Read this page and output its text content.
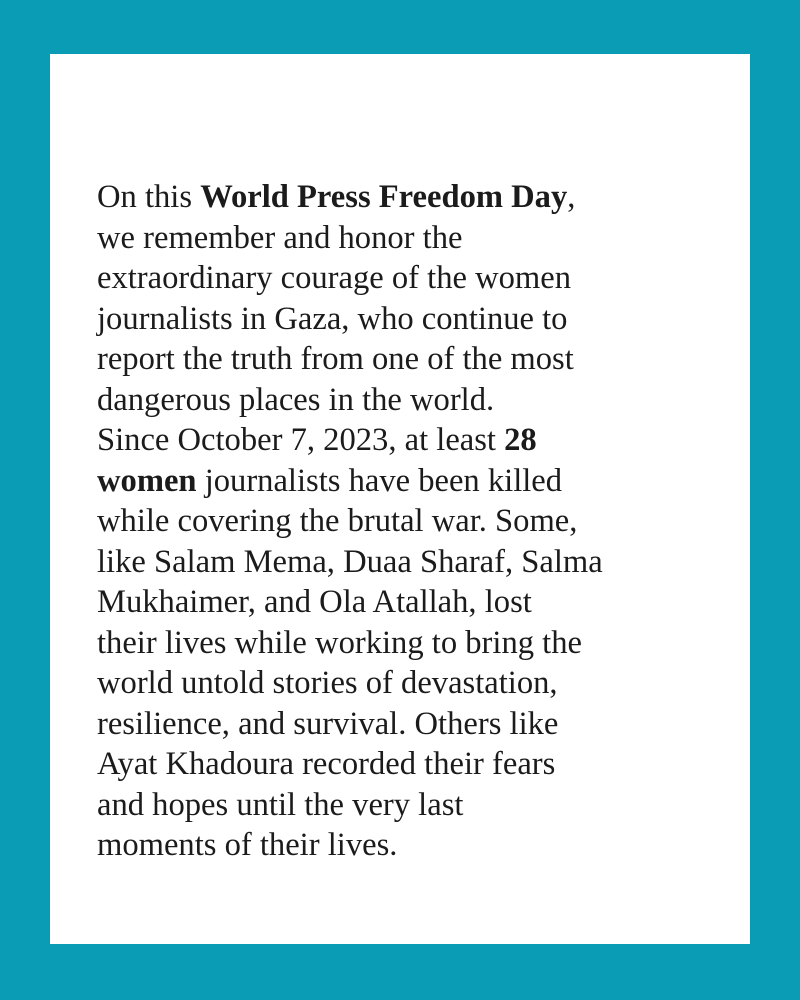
On this World Press Freedom Day,
we remember and honor the
extraordinary courage of the women
journalists in Gaza, who continue to
report the truth from one of the most
dangerous places in the world.
Since October 7, 2023, at least 28
women journalists have been killed
while covering the brutal war. Some,
like Salam Mema, Duaa Sharaf, Salma
Mukhaimer, and Ola Atallah, lost
their lives while working to bring the
world untold stories of devastation,
resilience, and survival. Others like
Ayat Khadoura recorded their fears
and hopes until the very last
moments of their lives.
